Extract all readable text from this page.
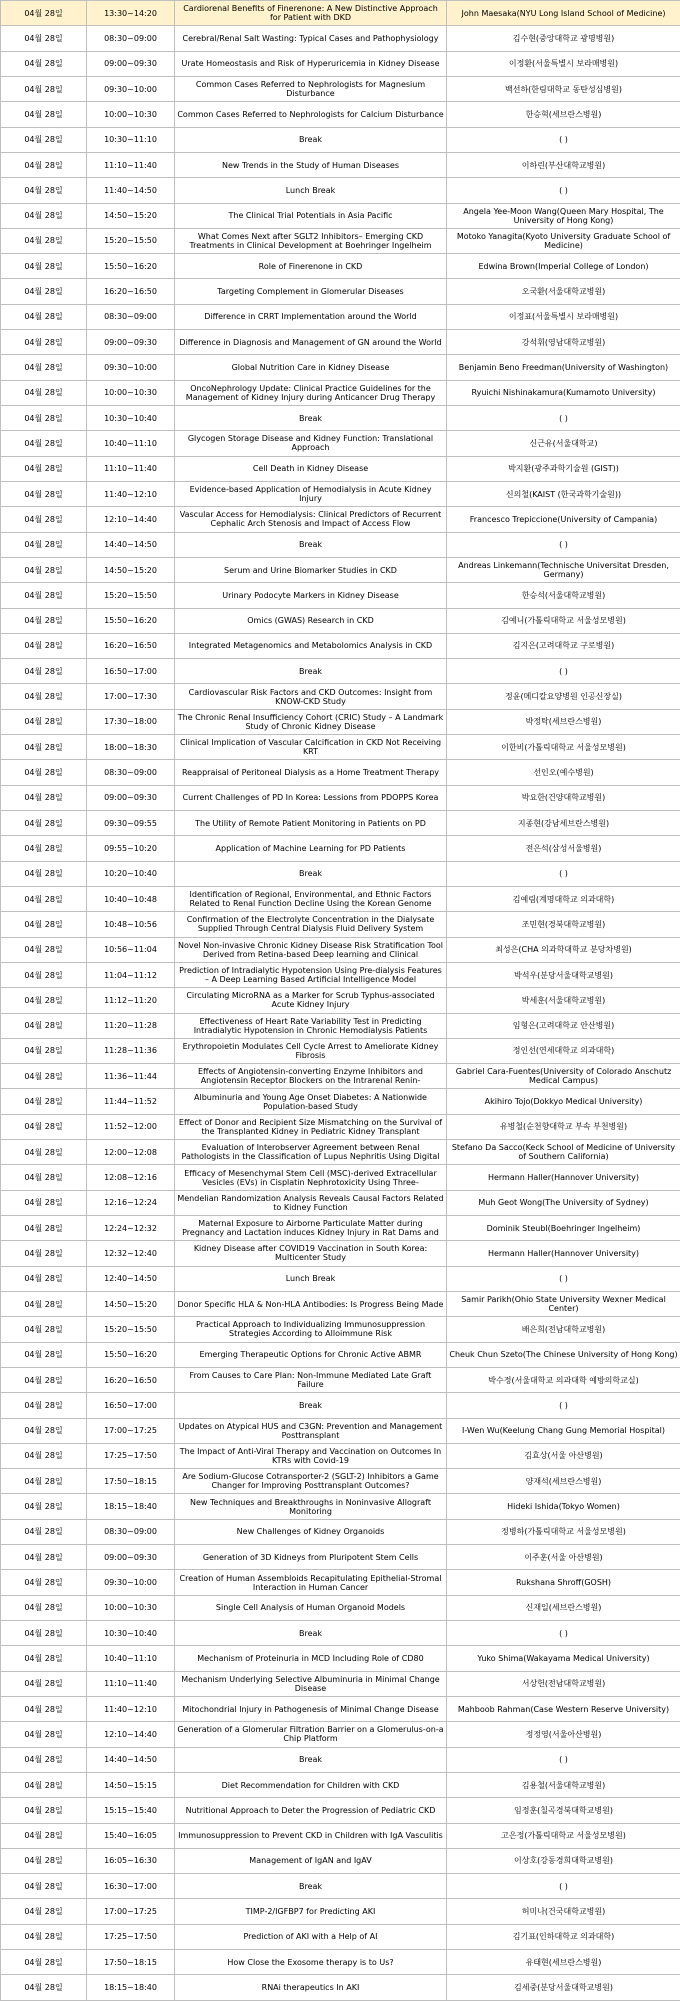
04월 28일	13:30~14:20	Cardiorenal Benefits of Finerenone: A New Distinctive Approach for Patient with DKD	John Maesaka(NYU Long Island School of Medicine)
04월 28일	08:30~09:00	Cerebral/Renal Salt Wasting: Typical Cases and Pathophysiology	김수현(중앙대학교 광명병원)
04월 28일	09:00~09:30	Urate Homeostasis and Risk of Hyperuricemia in Kidney Disease	이정환(서울특별시 보라매병원)
04월 28일	09:30~10:00	Common Cases Referred to Nephrologists for Magnesium Disturbance	백선하(한림대학교 동탄성심병원)
04월 28일	10:00~10:30	Common Cases Referred to Nephrologists for Calcium Disturbance	한승혁(세브란스병원)
04월 28일	10:30~11:10	Break	( )
04월 28일	11:10~11:40	New Trends in the Study of Human Diseases	이하린(부산대학교병원)
04월 28일	11:40~14:50	Lunch Break	( )
04월 28일	14:50~15:20	The Clinical Trial Potentials in Asia Pacific	Angela Yee-Moon Wang(Queen Mary Hospital, The University of Hong Kong)
04월 28일	15:20~15:50	What Comes Next after SGLT2 Inhibitors– Emerging CKD Treatments in Clinical Development at Boehringer Ingelheim	Motoko Yanagita(Kyoto University Graduate School of Medicine)
04월 28일	15:50~16:20	Role of Finerenone in CKD	Edwina Brown(Imperial College of London)
04월 28일	16:20~16:50	Targeting Complement in Glomerular Diseases	오국환(서울대학교병원)
04월 28일	08:30~09:00	Difference in CRRT Implementation around the World	이정표(서울특별시 보라매병원)
04월 28일	09:00~09:30	Difference in Diagnosis and Management of GN around the World	강석휘(영남대학교병원)
04월 28일	09:30~10:00	Global Nutrition Care in Kidney Disease	Benjamin Beno Freedman(University of Washington)
04월 28일	10:00~10:30	OncoNephrology Update: Clinical Practice Guidelines for the Management of Kidney Injury during Anticancer Drug Therapy	Ryuichi Nishinakamura(Kumamoto University)
04월 28일	10:30~10:40	Break	( )
04월 28일	10:40~11:10	Glycogen Storage Disease and Kidney Function: Translational Approach	신근유(서울대학교)
04월 28일	11:10~11:40	Cell Death in Kidney Disease	박지환(광주과학기술원 (GIST))
04월 28일	11:40~12:10	Evidence-based Application of Hemodialysis in Acute Kidney Injury	신의철(KAIST (한국과학기술원))
04월 28일	12:10~14:40	Vascular Access for Hemodialysis: Clinical Predictors of Recurrent Cephalic Arch Stenosis and Impact of Access Flow	Francesco Trepiccione(University of Campania)
04월 28일	14:40~14:50	Break	( )
04월 28일	14:50~15:20	Serum and Urine Biomarker Studies in CKD	Andreas Linkemann(Technische Universitat Dresden, Germany)
04월 28일	15:20~15:50	Urinary Podocyte Markers in Kidney Disease	한승석(서울대학교병원)
04월 28일	15:50~16:20	Omics (GWAS) Research in CKD	김예니(가톨릭대학교 서울성모병원)
04월 28일	16:20~16:50	Integrated Metagenomics and Metabolomics Analysis in CKD	김지은(고려대학교 구로병원)
04월 28일	16:50~17:00	Break	( )
04월 28일	17:00~17:30	Cardiovascular Risk Factors and CKD Outcomes: Insight from KNOW-CKD Study	정윤(메디칼요양병원 인공신장실)
04월 28일	17:30~18:00	The Chronic Renal Insufficiency Cohort (CRIC) Study – A Landmark Study of Chronic Kidney Disease	박정탁(세브란스병원)
04월 28일	18:00~18:30	Clinical Implication of Vascular Calcification in CKD Not Receiving KRT	이한비(가톨릭대학교 서울성모병원)
04월 28일	08:30~09:00	Reappraisal of Peritoneal Dialysis as a Home Treatment Therapy	선인오(예수병원)
04월 28일	09:00~09:30	Current Challenges of PD In Korea: Lessions from PDOPPS Korea	박요한(건양대학교병원)
04월 28일	09:30~09:55	The Utility of Remote Patient Monitoring in Patients on PD	지종현(강남세브란스병원)
04월 28일	09:55~10:20	Application of Machine Learning for PD Patients	전은석(삼성서울병원)
04월 28일	10:20~10:40	Break	( )
04월 28일	10:40~10:48	Identification of Regional, Environmental, and Ethnic Factors Related to Renal Function Decline Using the Korean Genome	김예림(계명대학교 의과대학)
04월 28일	10:48~10:56	Confirmation of the Electrolyte Concentration in the Dialysate Supplied Through Central Dialysis Fluid Delivery System	조민현(경북대학교병원)
04월 28일	10:56~11:04	Novel Non-invasive Chronic Kidney Disease Risk Stratification Tool Derived from Retina-based Deep learning and Clinical	최성은(CHA 의과학대학교 분당차병원)
04월 28일	11:04~11:12	Prediction of Intradialytic Hypotension Using Pre-dialysis Features – A Deep Learning Based Artificial Intelligence Model	박석우(분당서울대학교병원)
04월 28일	11:12~11:20	Circulating MicroRNA as a Marker for Scrub Typhus-associated Acute Kidney Injury	박세훈(서울대학교병원)
04월 28일	11:20~11:28	Effectiveness of Heart Rate Variability Test in Predicting Intradialytic Hypotension in Chronic Hemodialysis Patients	임형은(고려대학교 안산병원)
04월 28일	11:28~11:36	Erythropoietin Modulates Cell Cycle Arrest to Ameliorate Kidney Fibrosis	정인선(연세대학교 의과대학)
04월 28일	11:36~11:44	Effects of Angiotensin-converting Enzyme Inhibitors and Angiotensin Receptor Blockers on the Intrarenal Renin-	Gabriel Cara-Fuentes(University of Colorado Anschutz Medical Campus)
04월 28일	11:44~11:52	Albuminuria and Young Age Onset Diabetes: A Nationwide Population-based Study	Akihiro Tojo(Dokkyo Medical University)
04월 28일	11:52~12:00	Effect of Donor and Recipient Size Mismatching on the Survival of the Transplanted Kidney in Pediatric Kidney Transplant	유병철(순천향대학교 부속 부천병원)
04월 28일	12:00~12:08	Evaluation of Interobserver Agreement between Renal Pathologists in the Classification of Lupus Nephritis Using Digital	Stefano Da Sacco(Keck School of Medicine of University of Southern California)
04월 28일	12:08~12:16	Efficacy of Mesenchymal Stem Cell (MSC)-derived Extracellular Vesicles (EVs) in Cisplatin Nephrotoxicity Using Three-	Hermann Haller(Hannover University)
04월 28일	12:16~12:24	Mendelian Randomization Analysis Reveals Causal Factors Related to Kidney Function	Muh Geot Wong(The University of Sydney)
04월 28일	12:24~12:32	Maternal Exposure to Airborne Particulate Matter during Pregnancy and Lactation induces Kidney Injury in Rat Dams and	Dominik Steubl(Boehringer Ingelheim)
04월 28일	12:32~12:40	Kidney Disease after COVID19 Vaccination in South Korea: Multicenter Study	Hermann Haller(Hannover University)
04월 28일	12:40~14:50	Lunch Break	( )
04월 28일	14:50~15:20	Donor Specific HLA & Non-HLA Antibodies: Is Progress Being Made	Samir Parikh(Ohio State University Wexner Medical Center)
04월 28일	15:20~15:50	Practical Approach to Individualizing Immunosuppression Strategies According to Alloimmune Risk	배은희(전남대학교병원)
04월 28일	15:50~16:20	Emerging Therapeutic Options for Chronic Active ABMR	Cheuk Chun Szeto(The Chinese University of Hong Kong)
04월 28일	16:20~16:50	From Causes to Care Plan: Non-Immune Mediated Late Graft Failure	박수정(서울대학교 의과대학 예방의학교실)
04월 28일	16:50~17:00	Break	( )
04월 28일	17:00~17:25	Updates on Atypical HUS and C3GN: Prevention and Management Posttransplant	I-Wen Wu(Keelung Chang Gung Memorial Hospital)
04월 28일	17:25~17:50	The Impact of Anti-Viral Therapy and Vaccination on Outcomes In KTRs with Covid-19	김효상(서울 아산병원)
04월 28일	17:50~18:15	Are Sodium-Glucose Cotransporter-2 (SGLT-2) Inhibitors a Game Changer for Improving Posttransplant Outcomes?	양재석(세브란스병원)
04월 28일	18:15~18:40	New Techniques and Breakthroughs in Noninvasive Allograft Monitoring	Hideki Ishida(Tokyo Women)
04월 28일	08:30~09:00	New Challenges of Kidney Organoids	정병하(가톨릭대학교 서울성모병원)
04월 28일	09:00~09:30	Generation of 3D Kidneys from Pluripotent Stem Cells	이주훈(서울 아산병원)
04월 28일	09:30~10:00	Creation of Human Assembloids Recapitulating Epithelial-Stromal Interaction in Human Cancer	Rukshana Shroff(GOSH)
04월 28일	10:00~10:30	Single Cell Analysis of Human Organoid Models	신재일(세브란스병원)
04월 28일	10:30~10:40	Break	( )
04월 28일	10:40~11:10	Mechanism of Proteinuria in MCD Including Role of CD80	Yuko Shima(Wakayama Medical University)
04월 28일	11:10~11:40	Mechanism Underlying Selective Albuminuria in Minimal Change Disease	서상헌(전남대학교병원)
04월 28일	11:40~12:10	Mitochondrial Injury in Pathogenesis of Minimal Change Disease	Mahboob Rahman(Case Western Reserve University)
04월 28일	12:10~14:40	Generation of a Glomerular Filtration Barrier on a Glomerulus-on-a Chip Platform	정정영(서울아산병원)
04월 28일	14:40~14:50	Break	( )
04월 28일	14:50~15:15	Diet Recommendation for Children with CKD	김용철(서울대학교병원)
04월 28일	15:15~15:40	Nutritional Approach to Deter the Progression of Pediatric CKD	임정훈(칠곡경북대학교병원)
04월 28일	15:40~16:05	Immunosuppression to Prevent CKD in Children with IgA Vasculitis	고은정(가톨릭대학교 서울성모병원)
04월 28일	16:05~16:30	Management of IgAN and IgAV	이상호(강동경희대학교병원)
04월 28일	16:30~17:00	Break	( )
04월 28일	17:00~17:25	TIMP-2/IGFBP7 for Predicting AKI	허미나(건국대학교병원)
04월 28일	17:25~17:50	Prediction of AKI with a Help of AI	김기표(인하대학교 의과대학)
04월 28일	17:50~18:15	How Close the Exosome therapy is to Us?	유태현(세브란스병원)
04월 28일	18:15~18:40	RNAi therapeutics In AKI	김세중(분당서울대학교병원)
